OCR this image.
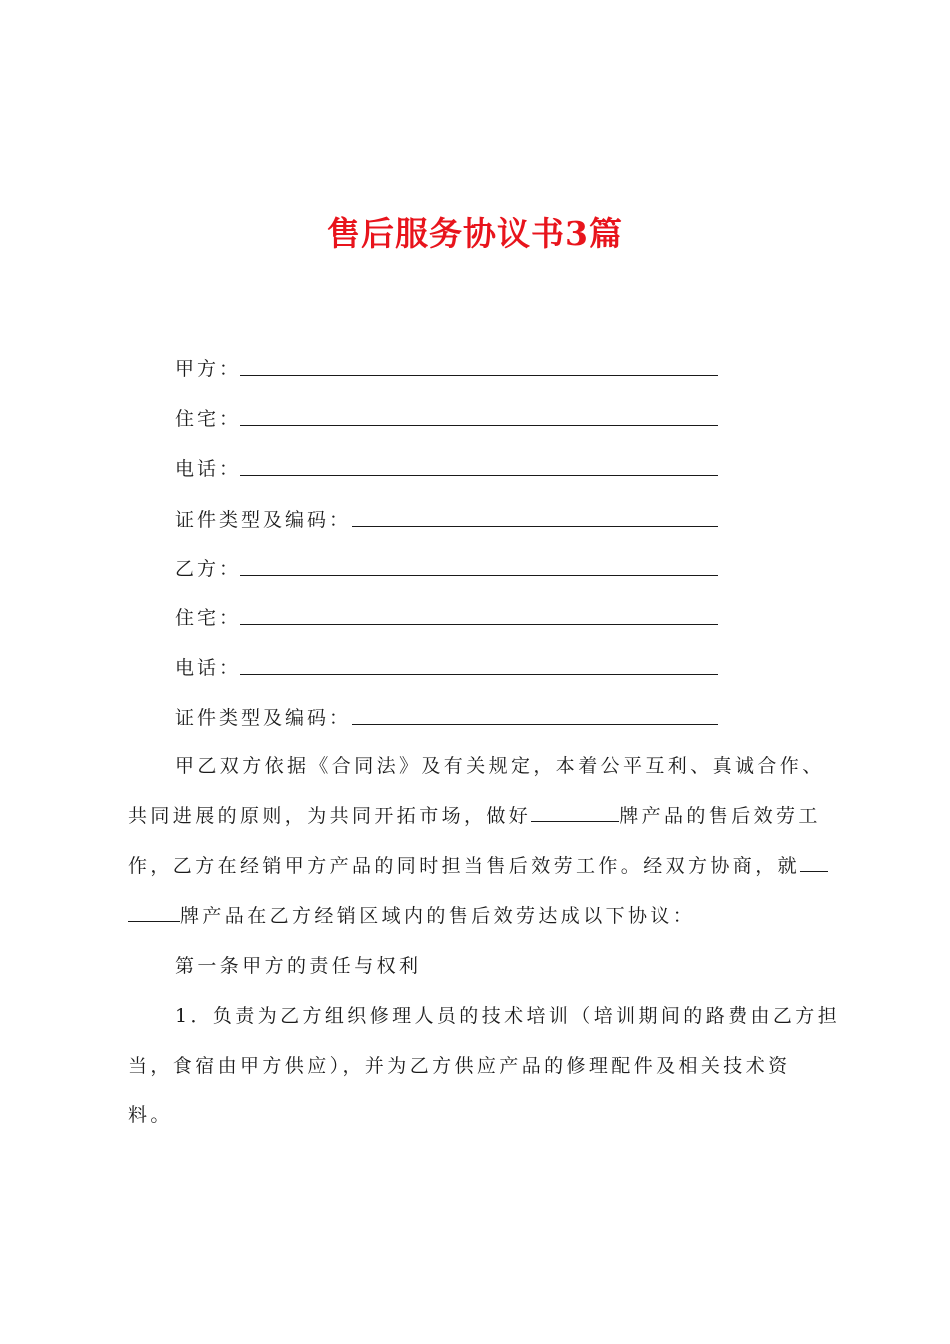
售后服务协议书3篇
甲方：
住宅：
电话：
证件类型及编码：
乙方：
住宅：
电话：
证件类型及编码：
甲乙双方依据《合同法》及有关规定，本着公平互利、真诚合作、
共同进展的原则，为共同开拓市场，做好	牌产品的售后效劳工
作，乙方在经销甲方产品的同时担当售后效劳工作。经双方协商，就
牌产品在乙方经销区域内的售后效劳达成以下协议：
第一条甲方的责任与权利
1．负责为乙方组织修理人员的技术培训（培训期间的路费由乙方担
当，食宿由甲方供应），并为乙方供应产品的修理配件及相关技术资
料。
